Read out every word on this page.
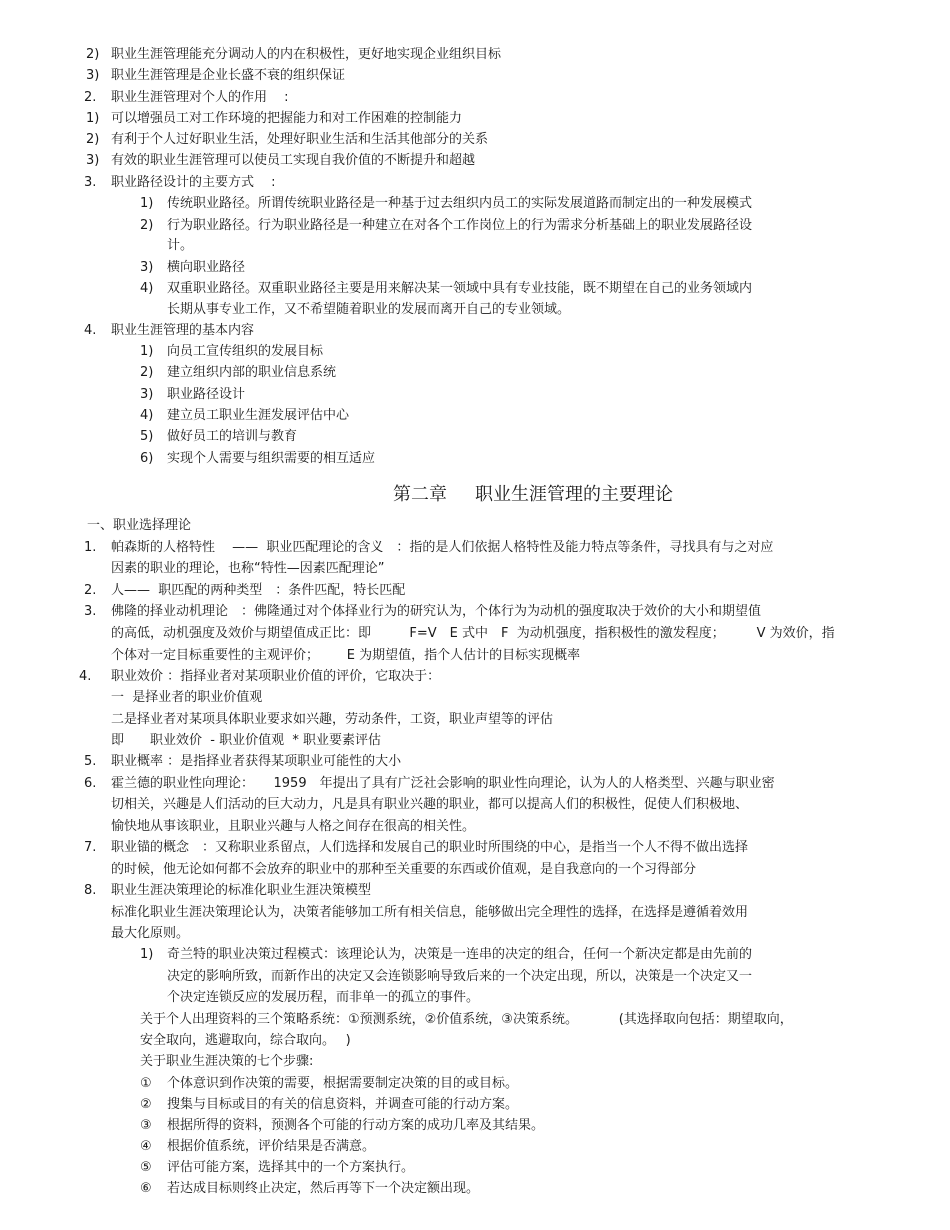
2) 职业生涯管理能充分调动人的内在积极性，更好地实现企业组织目标
3) 职业生涯管理是企业长盛不衰的组织保证
2. 职业生涯管理对个人的作用　 :
1) 可以增强员工对工作环境的把握能力和对工作困难的控制能力
2) 有利于个人过好职业生活，处理好职业生活和生活其他部分的关系
3) 有效的职业生涯管理可以使员工实现自我价值的不断提升和超越
3. 职业路径设计的主要方式　 :
1) 传统职业路径。所谓传统职业路径是一种基于过去组织内员工的实际发展道路而制定出的一种发展模式
2) 行为职业路径。行为职业路径是一种建立在对各个工作岗位上的行为需求分析基础上的职业发展路径设
计。
3) 横向职业路径
4) 双重职业路径。双重职业路径主要是用来解决某一领域中具有专业技能，既不期望在自己的业务领域内
长期从事专业工作，又不希望随着职业的发展而离开自己的专业领域。
4. 职业生涯管理的基本内容
1) 向员工宣传组织的发展目标
2) 建立组织内部的职业信息系统
3) 职业路径设计
4) 建立员工职业生涯发展评估中心
5) 做好员工的培训与教育
6) 实现个人需要与组织需要的相互适应
第二章 职业生涯管理的主要理论
一、职业选择理论
1. 帕森斯的人格特性　 ——  职业匹配理论的含义　：指的是人们依据人格特性及能力特点等条件，寻找具有与之对应
因素的职业的理论，也称“特性—因素匹配理论”
2. 人——  职匹配的两种类型　：条件匹配，特长匹配
3. 佛隆的择业动机理论　：佛隆通过对个体择业行为的研究认为，个体行为为动机的强度取决于效价的大小和期望值
的高低，动机强度及效价与期望值成正比：即　　   F=V　E 式中　F  为动机强度，指积极性的激发程度；　　   V 为效价，指
个体对一定目标重要性的主观评价；　　  E 为期望值，指个人估计的目标实现概率
4. 职业效价 ：指择业者对某项职业价值的评价，它取决于：
一  是择业者的职业价值观
二是择业者对某项具体职业要求如兴趣，劳动条件，工资，职业声望等的评估
即　　职业效价  - 职业价值观  * 职业要素评估
5. 职业概率 ：是指择业者获得某项职业可能性的大小
6. 霍兰德的职业性向理论：　　1959　年提出了具有广泛社会影响的职业性向理论，认为人的人格类型、兴趣与职业密
切相关，兴趣是人们活动的巨大动力，凡是具有职业兴趣的职业，都可以提高人们的积极性，促使人们积极地、
愉快地从事该职业，且职业兴趣与人格之间存在很高的相关性。
7. 职业锚的概念　：又称职业系留点，人们选择和发展自己的职业时所围绕的中心，是指当一个人不得不做出选择
的时候，他无论如何都不会放弃的职业中的那种至关重要的东西或价值观，是自我意向的一个习得部分
8. 职业生涯决策理论的标准化职业生涯决策模型
标准化职业生涯决策理论认为，决策者能够加工所有相关信息，能够做出完全理性的选择，在选择是遵循着效用
最大化原则。
1) 奇兰特的职业决策过程模式：该理论认为，决策是一连串的决定的组合，任何一个新决定都是由先前的
决定的影响所致，而新作出的决定又会连锁影响导致后来的一个决定出现，所以，决策是一个决定又一
个决定连锁反应的发展历程，而非单一的孤立的事件。
关于个人出理资料的三个策略系统：①预测系统，②价值系统，③决策系统。　　　  (其选择取向包括：期望取向，
安全取向，逃避取向，综合取向。　 )
关于职业生涯决策的七个步骤:
① 个体意识到作决策的需要，根据需要制定决策的目的或目标。
② 搜集与目标或目的有关的信息资料，并调查可能的行动方案。
③ 根据所得的资料，预测各个可能的行动方案的成功几率及其结果。
④ 根据价值系统，评价结果是否满意。
⑤ 评估可能方案，选择其中的一个方案执行。
⑥ 若达成目标则终止决定，然后再等下一个决定额出现。
